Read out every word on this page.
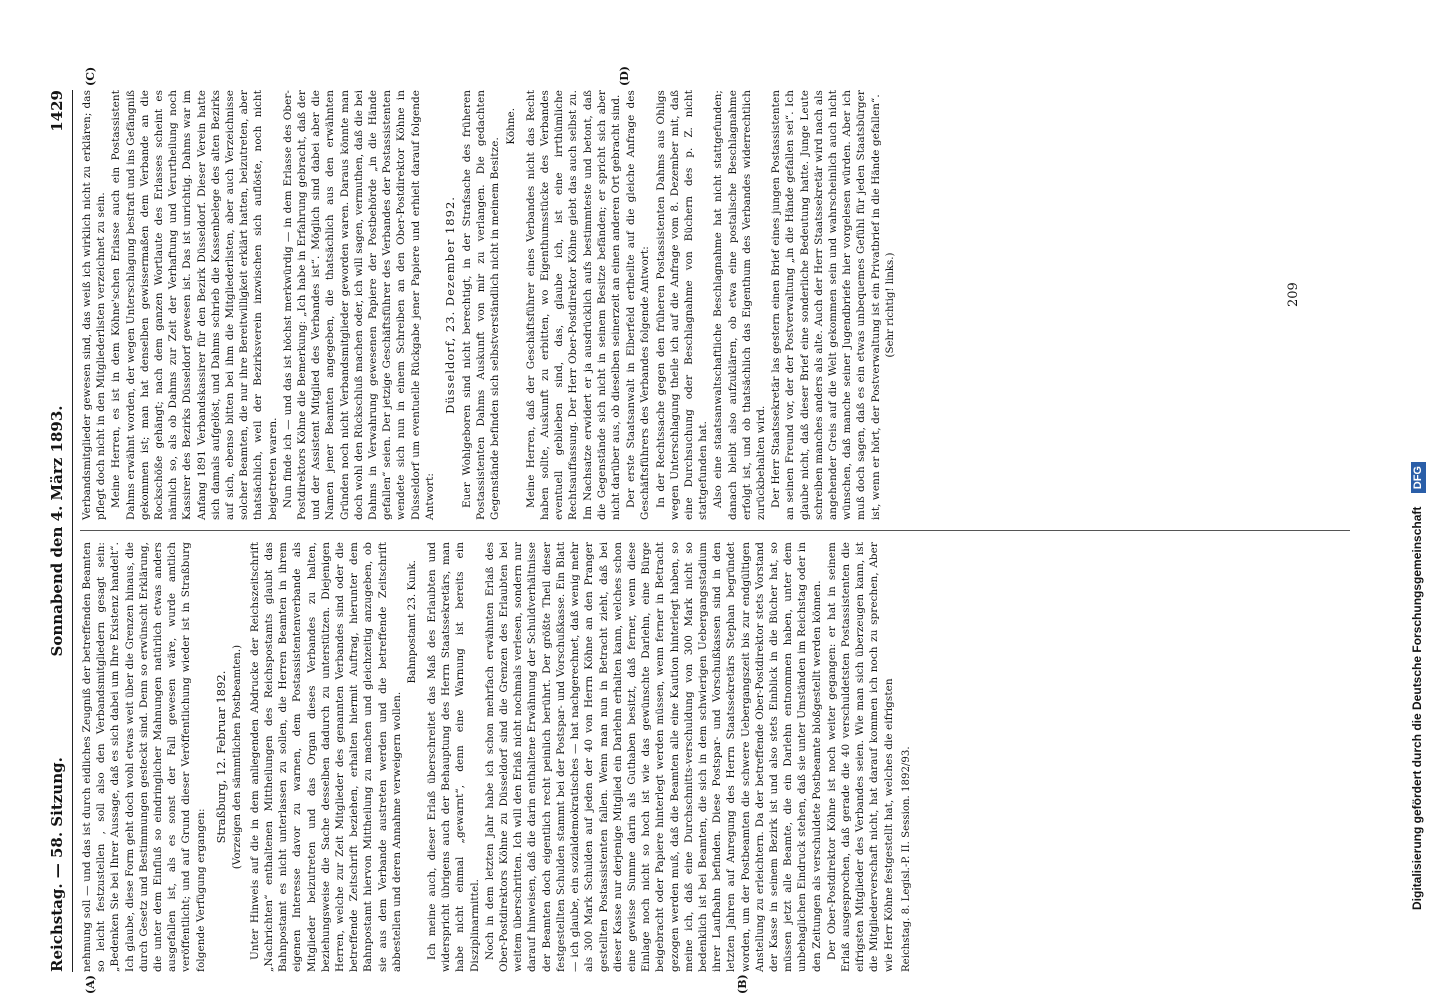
Reichstag. — 58. Sitzung.
Sonnabend den 4. März 1893.
1429
(A)	(B)
(C)	(D)

nehmung soll — und das ist durch eidliches Zeugniß der betreffenden Beamten so leicht festzustellen , soll also den Verbandsmitgliedern gesagt sein: „Bedenken Sie bei Ihrer Aussage, daß es sich dabei um Ihre Existenz handelt“. Ich glaube, diese Form geht doch wohl etwas weit über die Grenzen hinaus, die durch Gesetz und Bestimmungen gesteckt sind. Denn so erwünscht Erklärung, die unter dem Einfluß so eindringlicher Mahnungen natürlich etwas anders ausgefallen ist, als es sonst der Fall gewesen wäre, wurde amtlich veröffentlicht; und auf Grund dieser Veröffentlichung wieder ist in Straßburg folgende Verfügung ergangen:

Straßburg, 12. Februar 1892. (Vorzeigen den sämmtlichen Postbeamten.) Unter Hinweis auf die in dem anliegenden Abdrucke der Reichszeitschrift „Nachrichten“ enthaltenen Mittheilungen des Reichspostamts glaubt das Bahnpostamt es nicht unterlassen zu sollen, die Herren Beamten in ihrem eigenen Interesse davor zu warnen, dem Postassistentenverbande als Mitglieder beizutreten und das Organ dieses Verbandes zu halten, beziehungsweise die Sache desselben dadurch zu unterstützen. Diejenigen Herren, welche zur Zeit Mitglieder des genannten Verbandes sind oder die betreffende Zeitschrift beziehen, erhalten hiermit Auftrag, hierunter dem Bahnpostamt hiervon Mittheilung zu machen und gleichzeitig anzugeben, ob sie aus dem Verbande austreten werden und die betreffende Zeitschrift abbestellen und deren Annahme verweigern wollen.

Bahnpostamt 23. Kunk. Ich meine auch, dieser Erlaß überschreitet das Maß des Erlaubten und widerspricht übrigens auch der Behauptung des Herrn Staatssekretärs, man habe nicht einmal „gewarnt“, denn eine Warnung ist bereits ein Disziplinarmittel. Noch in dem letzten Jahr habe ich schon mehrfach erwähnten Erlaß des Ober-Postdirektors Köhne zu Düsseldorf sind die Grenzen des Erlaubten bei weitem überschritten. Ich will den Erlaß nicht nochmals verlesen, sondern nur darauf hinweisen, daß die darin enthaltene Erwähnung der Schuldverhältnisse der Beamten doch eigentlich recht peinlich berührt. Der größte Theil dieser festgestellten Schulden stammt bei der Postspar- und Vorschußkasse. Ein Blatt — ich glaube, ein sozialdemokratisches — hat nachgerechnet, daß wenig mehr als 300 Mark Schulden auf jeden der 40 von Herrn Köhne an den Pranger gestellten Postassistenten fallen. Wenn man nun in Betracht zieht, daß bei dieser Kasse nur derjenige Mitglied ein Darlehn erhalten kann, welches schon eine gewisse Summe darin als Guthaben besitzt, daß ferner, wenn diese Einlage noch nicht so hoch ist wie das gewünschte Darlehn, eine Bürge beigebracht oder Papiere hinterlegt werden müssen, wenn ferner in Betracht gezogen werden muß, daß die Beamten alle eine Kaution hinterlegt haben, so meine ich, daß eine Durchschnitts-verschuldung von 300 Mark nicht so bedenklich ist bei Beamten, die sich in dem schwierigen Uebergangsstadium ihrer Laufbahn befinden. Diese Postspar- und Vorschußkassen sind in den letzten Jahren auf Anregung des Herrn Staatssekretärs Stephan begründet worden, um der Postbeamten die schwere Uebergangszeit bis zur endgültigen Anstellung zu erleichtern. Da der betreffende Ober-Postdirektor stets Vorstand der Kasse in seinem Bezirk ist und also stets Einblick in die Bücher hat, so müssen jetzt alle Beamte, die ein Darlehn entnommen haben, unter dem unbehaglichen Eindruck stehen, daß sie unter Umständen im Reichstag oder in den Zeitungen als verschuldete Postbeamte bloßgestellt werden können. Der Ober-Postdirektor Köhne ist noch weiter gegangen: er hat in seinem Erlaß ausgesprochen, daß gerade die 40 verschuldetsten Postassistenten die eifrigsten Mitglieder des Verbandes seien. Wie man sich überzeugen kann, ist die Mitgliederverschaft nicht, hat darauf kommen ich noch zu sprechen, Aber wie Herr Köhne festgestellt hat, welches die eifrigsten Reichstag. 8. Legisl.-P. II. Session. 1892/93.

Verbandsmitglieder gewesen sind, das weiß ich wirklich nicht zu erklären; das pflegt doch nicht in den Mitgliederlisten verzeichnet zu sein. Meine Herren, es ist in dem Köhne'schen Erlasse auch ein Postassistent Dahms erwähnt worden, der wegen Unterschlagung bestraft und ins Gefängniß gekommen ist; man hat denselben gewissermaßen dem Verbande an die Rockschöße gehängt; nach dem ganzen Wortlaute des Erlasses scheint es nämlich so, als ob Dahms zur Zeit der Verhaftung und Verurtheilung noch Kassirer des Bezirks Düsseldorf gewesen ist. Das ist unrichtig. Dahms war im Anfang 1891 Verbandskassirer für den Bezirk Düsseldorf. Dieser Verein hatte sich damals aufgelöst, und Dahms schrieb die Kassenbelege des alten Bezirks auf sich, ebenso bitten bei ihm die Mitgliederlisten, aber auch Verzeichnisse solcher Beamten, die nur ihre Bereitwilligkeit erklärt hatten, beizutreten, aber thatsächlich, weil der Bezirksverein inzwischen sich auflöste, noch nicht beigetreten waren. Nun finde ich — und das ist höchst merkwürdig — in dem Erlasse des Ober-Postdirektors Köhne die Bemerkung: „Ich habe in Erfahrung gebracht, daß der und der Assistent Mitglied des Verbandes ist“. Möglich sind dabei aber die Namen jener Beamten angegeben, die thatsächlich aus den erwähnten Gründen noch nicht Verbandsmitglieder geworden waren. Daraus könnte man doch wohl den Rückschluß machen oder, ich will sagen, vermuthen, daß die bei Dahms in Verwahrung gewesenen Papiere der Postbehörde „in die Hände gefallen“ seien. Der jetzige Geschäftsführer des Verbandes der Postassistenten wendete sich nun in einem Schreiben an den Ober-Postdirektor Köhne in Düsseldorf um eventuelle Rückgabe jener Papiere und erhielt darauf folgende Antwort:

Düsseldorf, 23. Dezember 1892. Euer Wohlgeboren sind nicht berechtigt, in der Strafsache des früheren Postassistenten Dahms Auskunft von mir zu verlangen. Die gedachten Gegenstände befinden sich selbstverständlich nicht in meinem Besitze.

Köhne. Meine Herren, daß der Geschäftsführer eines Verbandes nicht das Recht haben sollte, Auskunft zu erbitten, wo Eigenthumsstücke des Verbandes eventuell geblieben sind, das, glaube ich, ist eine irrthümliche Rechtsauffassung. Der Herr Ober-Postdirektor Köhne giebt das auch selbst zu. Im Nachsatze erwidert er ja ausdrücklich aufs bestimmteste und betont, daß die Gegenstände sich nicht in seinem Besitze befänden; er spricht sich aber nicht darüber aus, ob dieselben seinerzeit an einen anderen Ort gebracht sind. Der erste Staatsanwalt in Elberfeld ertheilte auf die gleiche Anfrage des Geschäftsführers des Verbandes folgende Antwort: In der Rechtssache gegen den früheren Postassistenten Dahms aus Ohligs wegen Unterschlagung theile ich auf die Anfrage vom 8. Dezember mit, daß eine Durchsuchung oder Beschlagnahme von Büchern des p. Z. nicht stattgefunden hat. Also eine staatsanwaltschaftliche Beschlagnahme hat nicht stattgefunden; danach bleibt also aufzuklären, ob etwa eine postalische Beschlagnahme erfolgt ist, und ob thatsächlich das Eigenthum des Verbandes widerrechtlich zurückbehalten wird. Der Herr Staatssekretär las gestern einen Brief eines jungen Postassistenten an seinen Freund vor, der der Postverwaltung „in die Hände gefallen sei“. Ich glaube nicht, daß dieser Brief eine sonderliche Bedeutung hatte. Junge Leute schreiben manches anders als alte. Auch der Herr Staatssekretär wird nach als angehender Greis auf die Welt gekommen sein und wahrscheinlich auch nicht wünschen, daß manche seiner Jugendbriefe hier vorgelesen würden. Aber ich muß doch sagen, daß es ein etwas unbequemes Gefühl für jeden Staatsbürger ist, wenn er hört, der Postverwaltung ist ein Privatbrief in die Hände gefallen“. (Sehr richtig! links.)	209
Digitalisierung gefördert durch die Deutsche Forschungsgemeinschaft DFG
